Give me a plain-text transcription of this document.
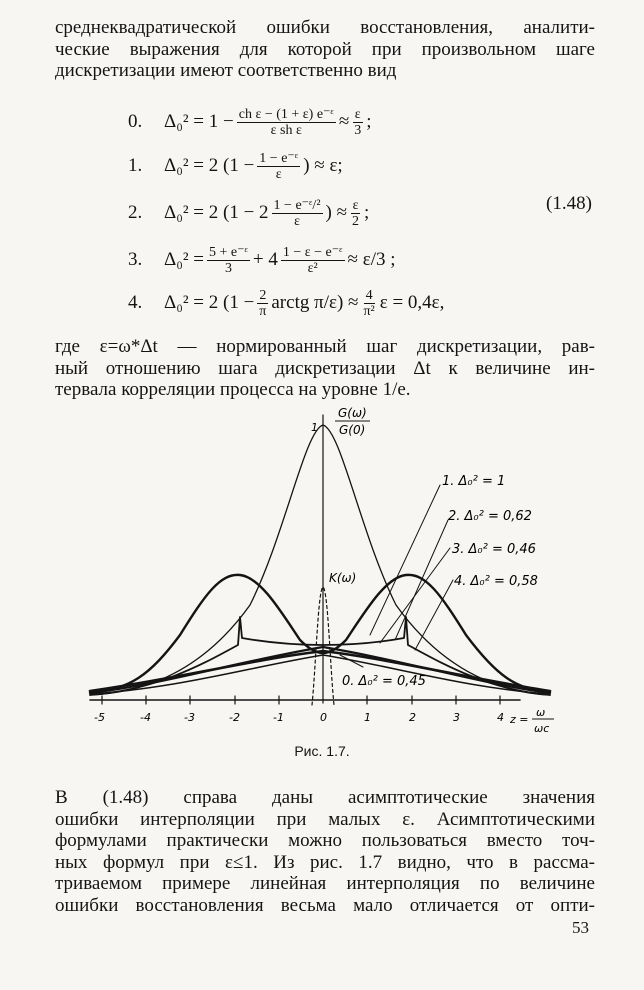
среднеквадратической ошибки восстановления, аналити-
ческие выражения для которой при произвольном шаге
дискретизации имеют соответственно вид
0.	$\Delta_0^2 = 1 - \frac{\text{ch ε − (1 + ε) e⁻ᵋ}}{\text{ε sh ε}} \approx \frac{\varepsilon}{3}$ ;
1.	Δ₀² = 2 ($1 - \frac{\text{1 − e⁻ᵋ}}{\varepsilon}$ ) ≈ ε;
2.	Δ₀² = 2 ($1 - 2 \frac{\text{1 − e⁻ᵋ/²}}{\varepsilon}$ ) ≈ $\frac{\varepsilon}{2}$ ;	(1.48)
3.	$\Delta_0^2 = \frac{\text{5 + e⁻ᵋ}}{3} + 4 \frac{\text{1 − ε − e⁻ᵋ}}{\text{ε²}} \approx \varepsilon/3$ ;
4.	Δ₀² = 2 ($1 - \frac{2}{\pi}$ arctg $\pi/\varepsilon) \approx \frac{4}{\text{π²}}$ ε = 0,4ε,
где ε=ω*Δt — нормированный шаг дискретизации, рав-
ный отношению шага дискретизации Δt к величине ин-
тервала корреляции процесса на уровне 1/e.
G(ω)
G(0)
1
K(ω)
1. Δ₀² = 1
2. Δ₀² = 0,62
3. Δ₀² = 0,46
4. Δ₀² = 0,58
0. Δ₀² = 0,45
-5	-4	-3	-2	-1	0	1	2	3	4 z =
ω
ωc
Рис. 1.7.
В (1.48) справа даны асимптотические значения
ошибки интерполяции при малых ε. Асимптотическими
формулами практически можно пользоваться вместо точ-
ных формул при ε≤1. Из рис. 1.7 видно, что в рассма-
триваемом примере линейная интерполяция по величине
ошибки восстановления весьма мало отличается от опти-
53
